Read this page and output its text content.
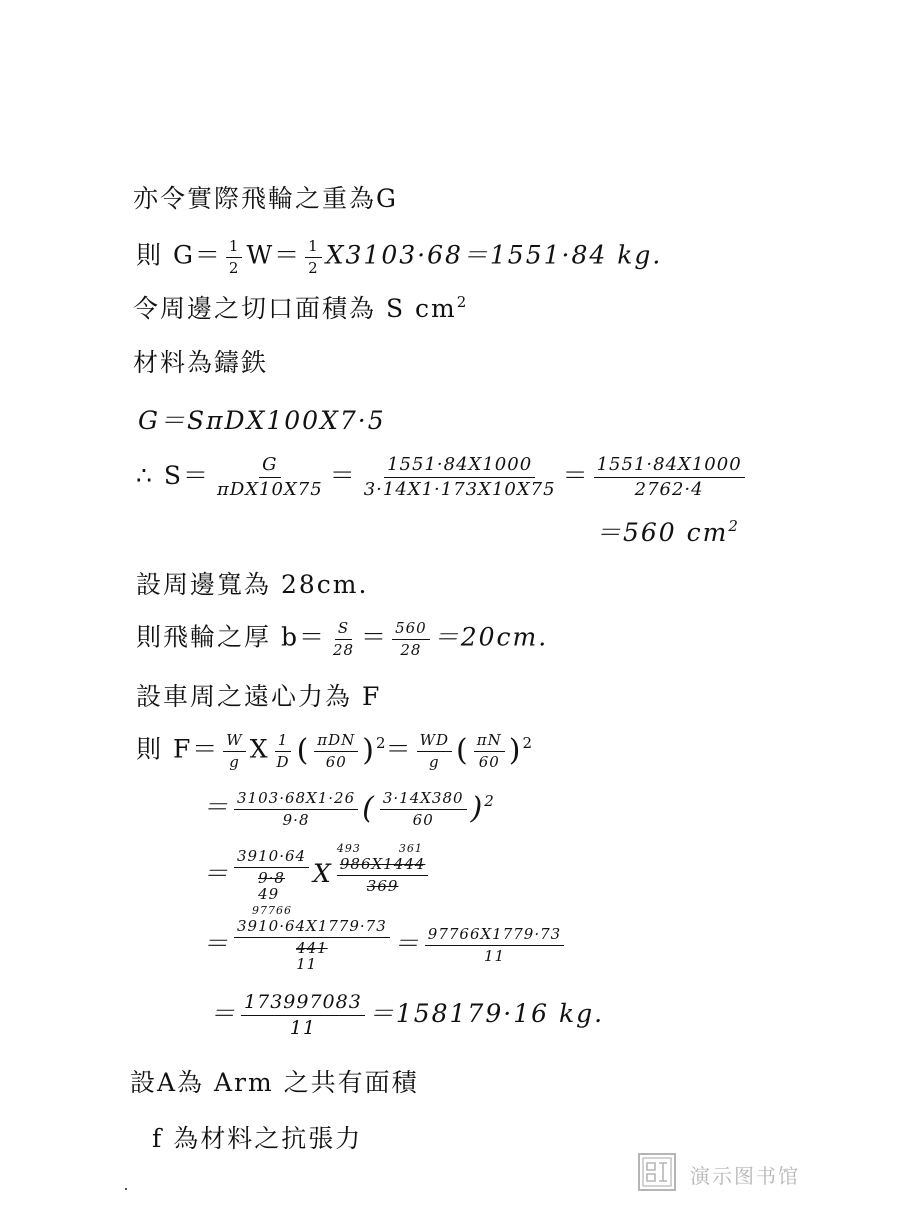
亦令實際飛輪之重為G
則 $G= \frac{1}{2} W= \frac{1}{2} X3103\cdot 68=1551\cdot 84$ kg.
令周邊之切口面積為 S $cm^2$
材料為鑄鉄
G＝SπDX100X7·5
∴ $S= \frac{G}{\text{πDX10X75}} = \frac{1551\cdot 84X1000}{3\cdot 14X1\cdot 173X10X75} = \frac{1551\cdot 84X1000}{2762\cdot 4}$
＝560 $cm^2$
設周邊寬為 28cm.
則飛輪之厚 $b= \frac{S}{28} = \frac{560}{28} =20cm$.
設車周之遠心力為 F
則 $F= \frac{W}{g}$ X $\frac{1}{D}$ ( $\frac{\text{πDN}}{60} )^2= \frac{WD}{g}$ ( $\frac{\pi N}{60} )^2$
＝ $\frac{3103\cdot 68X1\cdot 26}{9\cdot 8}$ ( $\frac{3\cdot 14X380}{60} )^2$
＝
3910·64
9·8
49
X 493	361
986X1444
369
＝
97766
3910·64X1779·73
441
11
＝ $\frac{97766X1779\cdot 73}{11}$
＝ $\frac{173997083}{11} =158179\cdot 16$ kg.
設A為 Arm 之共有面積
f 為材料之抗張力
演示图书馆
